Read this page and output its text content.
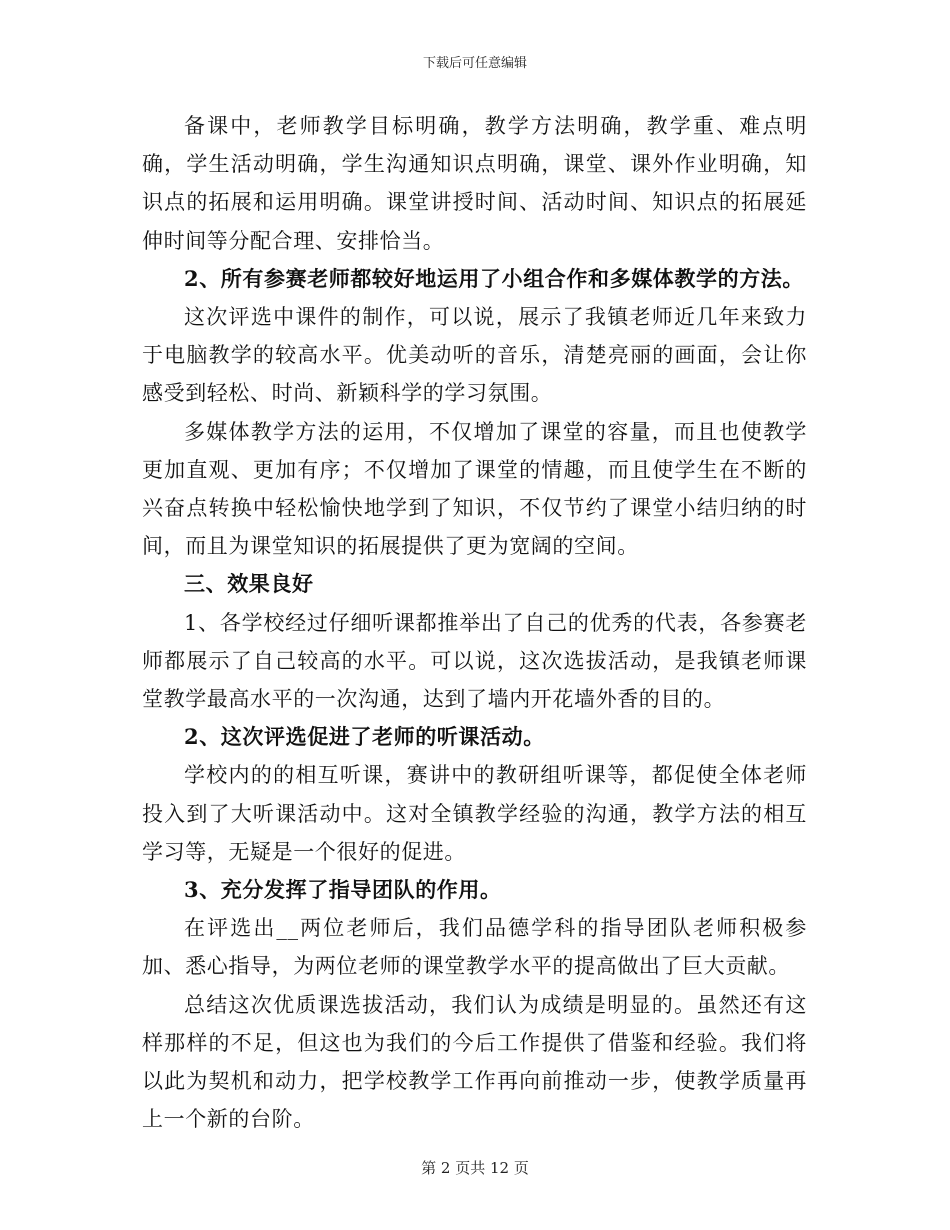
下载后可任意编辑

备课中，老师教学目标明确，教学方法明确，教学重、难点明确，学生活动明确，学生沟通知识点明确，课堂、课外作业明确，知识点的拓展和运用明确。课堂讲授时间、活动时间、知识点的拓展延伸时间等分配合理、安排恰当。

2、所有参赛老师都较好地运用了小组合作和多媒体教学的方法。

这次评选中课件的制作，可以说，展示了我镇老师近几年来致力于电脑教学的较高水平。优美动听的音乐，清楚亮丽的画面，会让你感受到轻松、时尚、新颖科学的学习氛围。

多媒体教学方法的运用，不仅增加了课堂的容量，而且也使教学更加直观、更加有序；不仅增加了课堂的情趣，而且使学生在不断的兴奋点转换中轻松愉快地学到了知识，不仅节约了课堂小结归纳的时间，而且为课堂知识的拓展提供了更为宽阔的空间。

三、效果良好

1、各学校经过仔细听课都推举出了自己的优秀的代表，各参赛老师都展示了自己较高的水平。可以说，这次选拔活动，是我镇老师课堂教学最高水平的一次沟通，达到了墙内开花墙外香的目的。

2、这次评选促进了老师的听课活动。

学校内的的相互听课，赛讲中的教研组听课等，都促使全体老师投入到了大听课活动中。这对全镇教学经验的沟通，教学方法的相互学习等，无疑是一个很好的促进。

3、充分发挥了指导团队的作用。

在评选出__两位老师后，我们品德学科的指导团队老师积极参加、悉心指导，为两位老师的课堂教学水平的提高做出了巨大贡献。

总结这次优质课选拔活动，我们认为成绩是明显的。虽然还有这样那样的不足，但这也为我们的今后工作提供了借鉴和经验。我们将以此为契机和动力，把学校教学工作再向前推动一步，使教学质量再上一个新的台阶。

第 2 页共 12 页
